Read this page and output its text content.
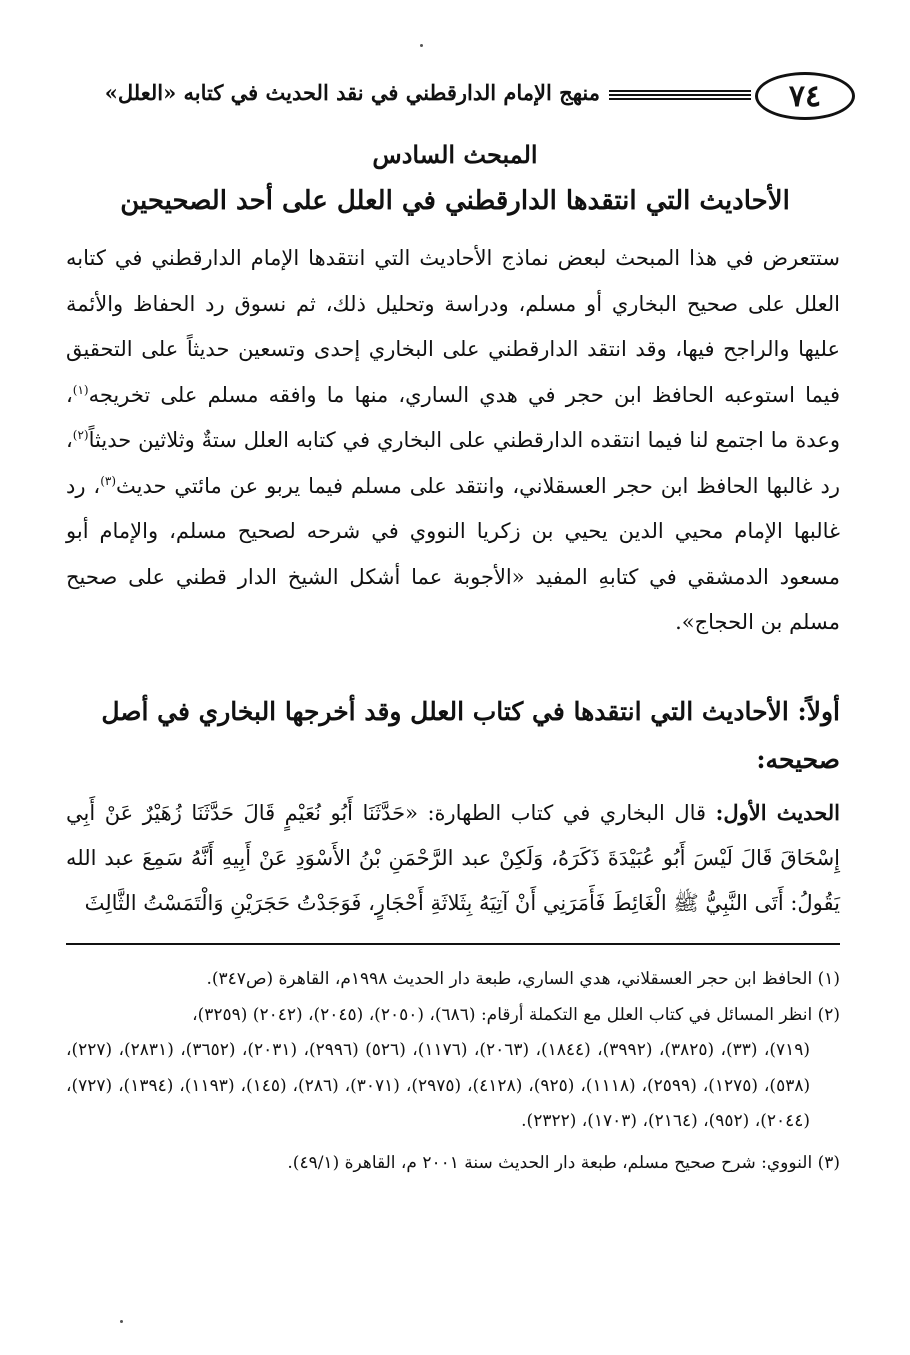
٧٤
منهج الإمام الدارقطني في نقد الحديث في كتابه «العلل»
المبحث السادس
الأحاديث التي انتقدها الدارقطني في العلل على أحد الصحيحين

ستتعرض في هذا المبحث لبعض نماذج الأحاديث التي انتقدها الإمام الدارقطني في كتابه العلل على صحيح البخاري أو مسلم، ودراسة وتحليل ذلك، ثم نسوق رد الحفاظ والأئمة عليها والراجح فيها، وقد انتقد الدارقطني على البخاري إحدى وتسعين حديثاً على التحقيق فيما استوعبه الحافظ ابن حجر في هدي الساري، منها ما وافقه مسلم على تخريجه$^{(١)}$، وعدة ما اجتمع لنا فيما انتقده الدارقطني على البخاري في كتابه العلل ستةٌ وثلاثين حديثاً$^{(٢)}$، رد غالبها الحافظ ابن حجر العسقلاني، وانتقد على مسلم فيما يربو عن مائتي حديث$^{(٣)}$، رد غالبها الإمام محيي الدين يحيي بن زكريا النووي في شرحه لصحيح مسلم، والإمام أبو مسعود الدمشقي في كتابهِ المفيد «الأجوبة عما أشكل الشيخ الدار قطني على صحيح مسلم بن الحجاج».

أولاً: الأحاديث التي انتقدها في كتاب العلل وقد أخرجها البخاري في أصل صحيحه:
الحديث الأول: قال البخاري في كتاب الطهارة: «حَدَّثَنَا أَبُو نُعَيْمٍ قَالَ حَدَّثَنَا زُهَيْرٌ عَنْ أَبِي إِسْحَاقَ قَالَ لَيْسَ أَبُو عُبَيْدَةَ ذَكَرَهُ، وَلَكِنْ عبد الرَّحْمَنِ بْنُ الأَسْوَدِ عَنْ أَبِيهِ أَنَّهُ سَمِعَ عبد الله يَقُولُ: أَتَى النَّبِيُّ ﷺ الْغَائِطَ فَأَمَرَنِي أَنْ آتِيَهُ بِثَلاثَةِ أَحْجَارٍ، فَوَجَدْتُ حَجَرَيْنِ وَالْتَمَسْتُ الثَّالِثَ

(١) الحافظ ابن حجر العسقلاني، هدي الساري، طبعة دار الحديث ١٩٩٨م، القاهرة (ص٣٤٧).

(٢) انظر المسائل في كتاب العلل مع التكملة أرقام: (٦٨٦)، (٢٠٥٠)، (٢٠٤٥)، (٢٠٤٢) (٣٢٥٩)،

(٧١٩)، (٣٣)، (٣٨٢٥)، (٣٩٩٢)، (١٨٤٤)، (٢٠٦٣)، (١١٧٦)، (٥٢٦) (٢٩٩٦)، (٢٠٣١)، (٣٦٥٢)، (٢٨٣١)، (٢٢٧)، (٥٣٨)، (١٢٧٥)، (٢٥٩٩)، (١١١٨)، (٩٢٥)، (٤١٢٨)، (٢٩٧٥)، (٣٠٧١)، (٢٨٦)، (١٤٥)، (١١٩٣)، (١٣٩٤)، (٧٢٧)، (٢٠٤٤)، (٩٥٢)، (٢١٦٤)، (١٧٠٣)، (٢٣٢٢).

(٣) النووي: شرح صحيح مسلم، طبعة دار الحديث سنة ٢٠٠١ م، القاهرة (٤٩/١).
